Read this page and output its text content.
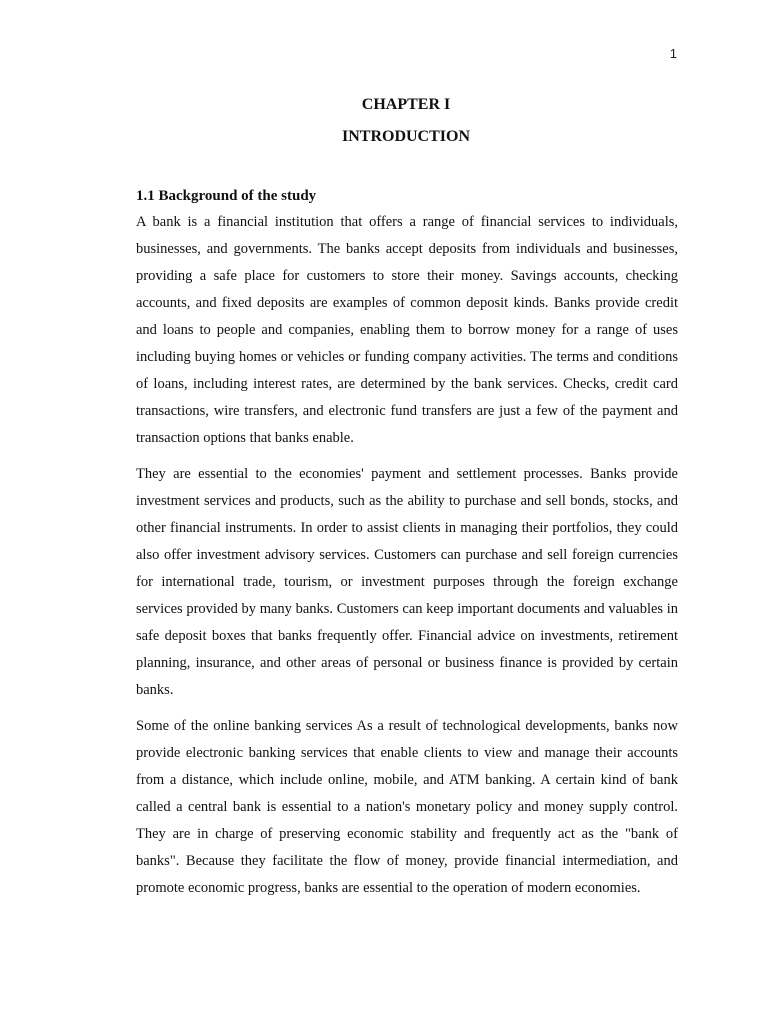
1
CHAPTER I
INTRODUCTION

1.1 Background of the study

A bank is a financial institution that offers a range of financial services to individuals, businesses, and governments. The banks accept deposits from individuals and businesses, providing a safe place for customers to store their money. Savings accounts, checking accounts, and fixed deposits are examples of common deposit kinds. Banks provide credit and loans to people and companies, enabling them to borrow money for a range of uses including buying homes or vehicles or funding company activities. The terms and conditions of loans, including interest rates, are determined by the bank services. Checks, credit card transactions, wire transfers, and electronic fund transfers are just a few of the payment and transaction options that banks enable.

They are essential to the economies' payment and settlement processes. Banks provide investment services and products, such as the ability to purchase and sell bonds, stocks, and other financial instruments. In order to assist clients in managing their portfolios, they could also offer investment advisory services. Customers can purchase and sell foreign currencies for international trade, tourism, or investment purposes through the foreign exchange services provided by many banks. Customers can keep important documents and valuables in safe deposit boxes that banks frequently offer. Financial advice on investments, retirement planning, insurance, and other areas of personal or business finance is provided by certain banks.

Some of the online banking services As a result of technological developments, banks now provide electronic banking services that enable clients to view and manage their accounts from a distance, which include online, mobile, and ATM banking. A certain kind of bank called a central bank is essential to a nation's monetary policy and money supply control. They are in charge of preserving economic stability and frequently act as the "bank of banks". Because they facilitate the flow of money, provide financial intermediation, and promote economic progress, banks are essential to the operation of modern economies.
